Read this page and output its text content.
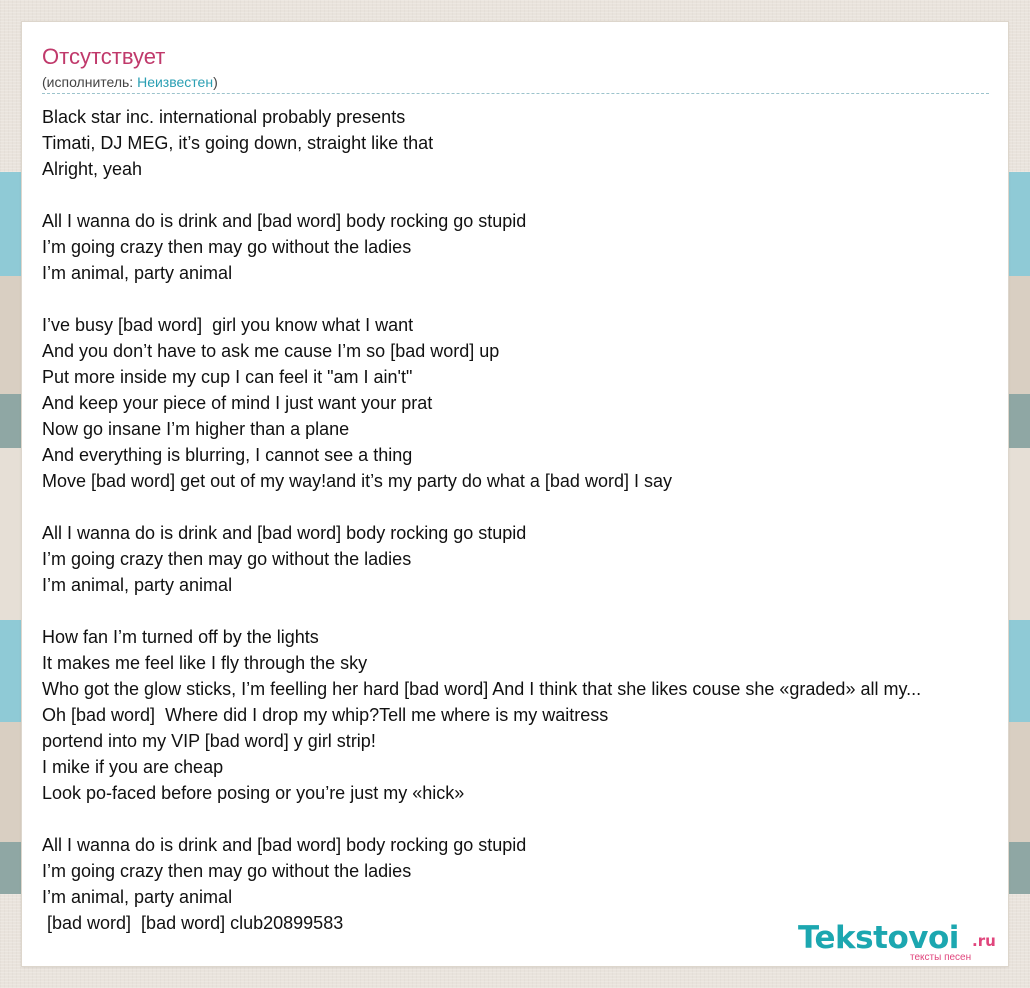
Отсутствует
(исполнитель: Неизвестен)
Black star inc. international probably presents
Timati, DJ MEG, it’s going down, straight like that
Alright, yeah
All I wanna do is drink and [bad word] body rocking go stupid
I’m going crazy then may go without the ladies
I’m animal, party animal
I’ve busy [bad word]  girl you know what I want
And you don’t have to ask me cause I’m so [bad word] up
Put more inside my cup I can feel it "am I ain't"
And keep your piece of mind I just want your prat
Now go insane I’m higher than a plane
And everything is blurring, I cannot see a thing
Move [bad word] get out of my way!and it’s my party do what a [bad word] I say
All I wanna do is drink and [bad word] body rocking go stupid
I’m going crazy then may go without the ladies
I’m animal, party animal
How fan I’m turned off by the lights
It makes me feel like I fly through the sky
Who got the glow sticks, I’m feelling her hard [bad word] And I think that she likes couse she «graded» all my...
Oh [bad word]  Where did I drop my whip?Tell me where is my waitress
portend into my VIP [bad word] y girl strip!
I mike if you are cheap
Look po-faced before posing or you’re just my «hick»
All I wanna do is drink and [bad word] body rocking go stupid
I’m going crazy then may go without the ladies
I’m animal, party animal
[bad word]  [bad word] club20899583	Tekstovoi .ru
тексты песен
